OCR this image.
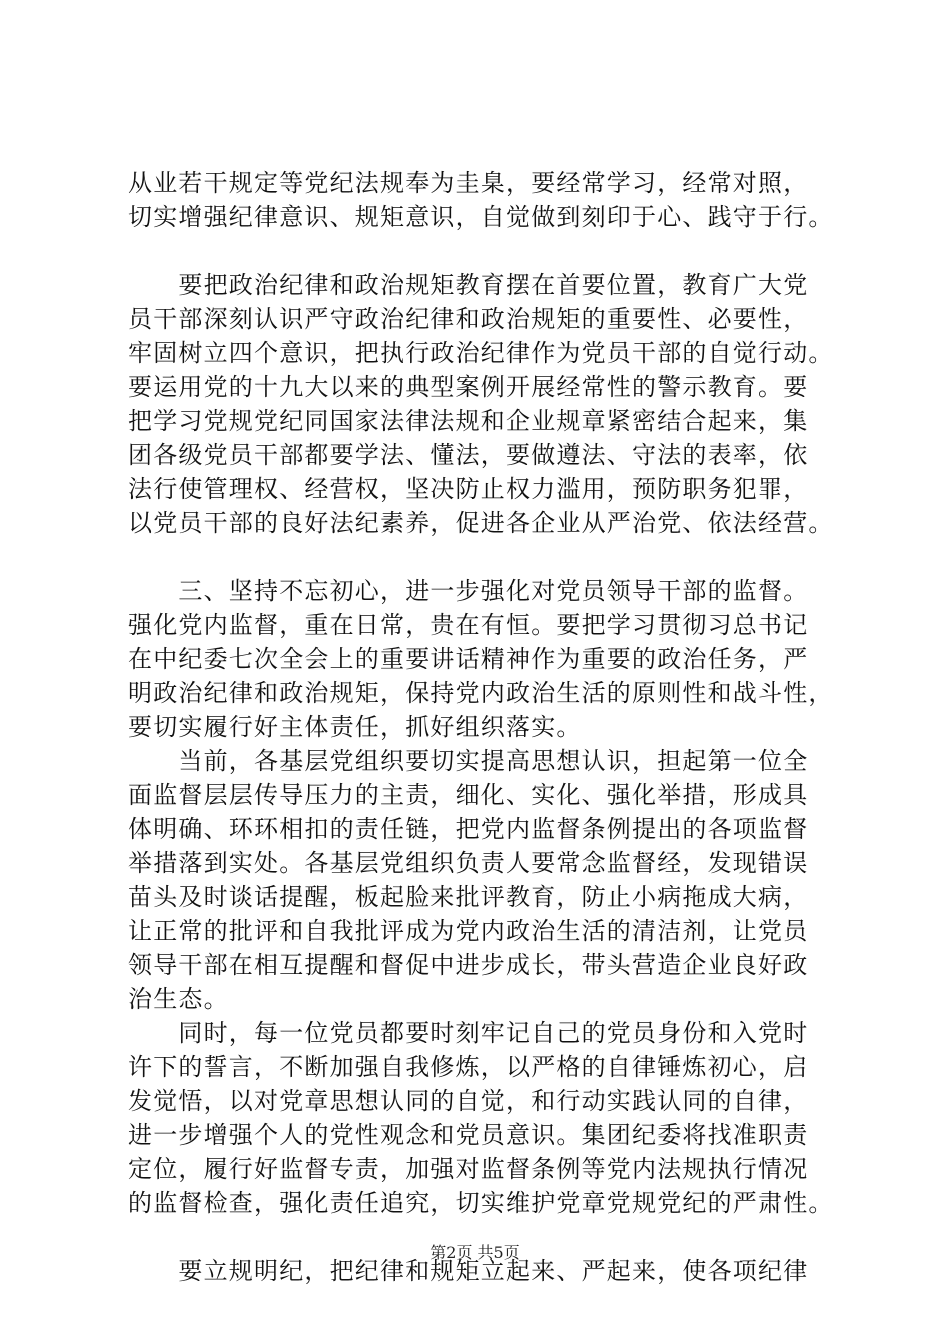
从业若干规定等党纪法规奉为圭臬，要经常学习，经常对照，
切实增强纪律意识、规矩意识，自觉做到刻印于心、践守于行。
　　要把政治纪律和政治规矩教育摆在首要位置，教育广大党
员干部深刻认识严守政治纪律和政治规矩的重要性、必要性，
牢固树立四个意识，把执行政治纪律作为党员干部的自觉行动。
要运用党的十九大以来的典型案例开展经常性的警示教育。要
把学习党规党纪同国家法律法规和企业规章紧密结合起来，集
团各级党员干部都要学法、懂法，要做遵法、守法的表率，依
法行使管理权、经营权，坚决防止权力滥用，预防职务犯罪，
以党员干部的良好法纪素养，促进各企业从严治党、依法经营。
　　三、坚持不忘初心，进一步强化对党员领导干部的监督。
强化党内监督，重在日常，贵在有恒。要把学习贯彻习总书记
在中纪委七次全会上的重要讲话精神作为重要的政治任务，严
明政治纪律和政治规矩，保持党内政治生活的原则性和战斗性，
要切实履行好主体责任，抓好组织落实。
　　当前，各基层党组织要切实提高思想认识，担起第一位全
面监督层层传导压力的主责，细化、实化、强化举措，形成具
体明确、环环相扣的责任链，把党内监督条例提出的各项监督
举措落到实处。各基层党组织负责人要常念监督经，发现错误
苗头及时谈话提醒，板起脸来批评教育，防止小病拖成大病，
让正常的批评和自我批评成为党内政治生活的清洁剂，让党员
领导干部在相互提醒和督促中进步成长，带头营造企业良好政
治生态。
　　同时，每一位党员都要时刻牢记自己的党员身份和入党时
许下的誓言，不断加强自我修炼，以严格的自律锤炼初心，启
发觉悟，以对党章思想认同的自觉，和行动实践认同的自律，
进一步增强个人的党性观念和党员意识。集团纪委将找准职责
定位，履行好监督专责，加强对监督条例等党内法规执行情况
的监督检查，强化责任追究，切实维护党章党规党纪的严肃性。
　　要立规明纪，把纪律和规矩立起来、严起来，使各项纪律
第2页 共5页
